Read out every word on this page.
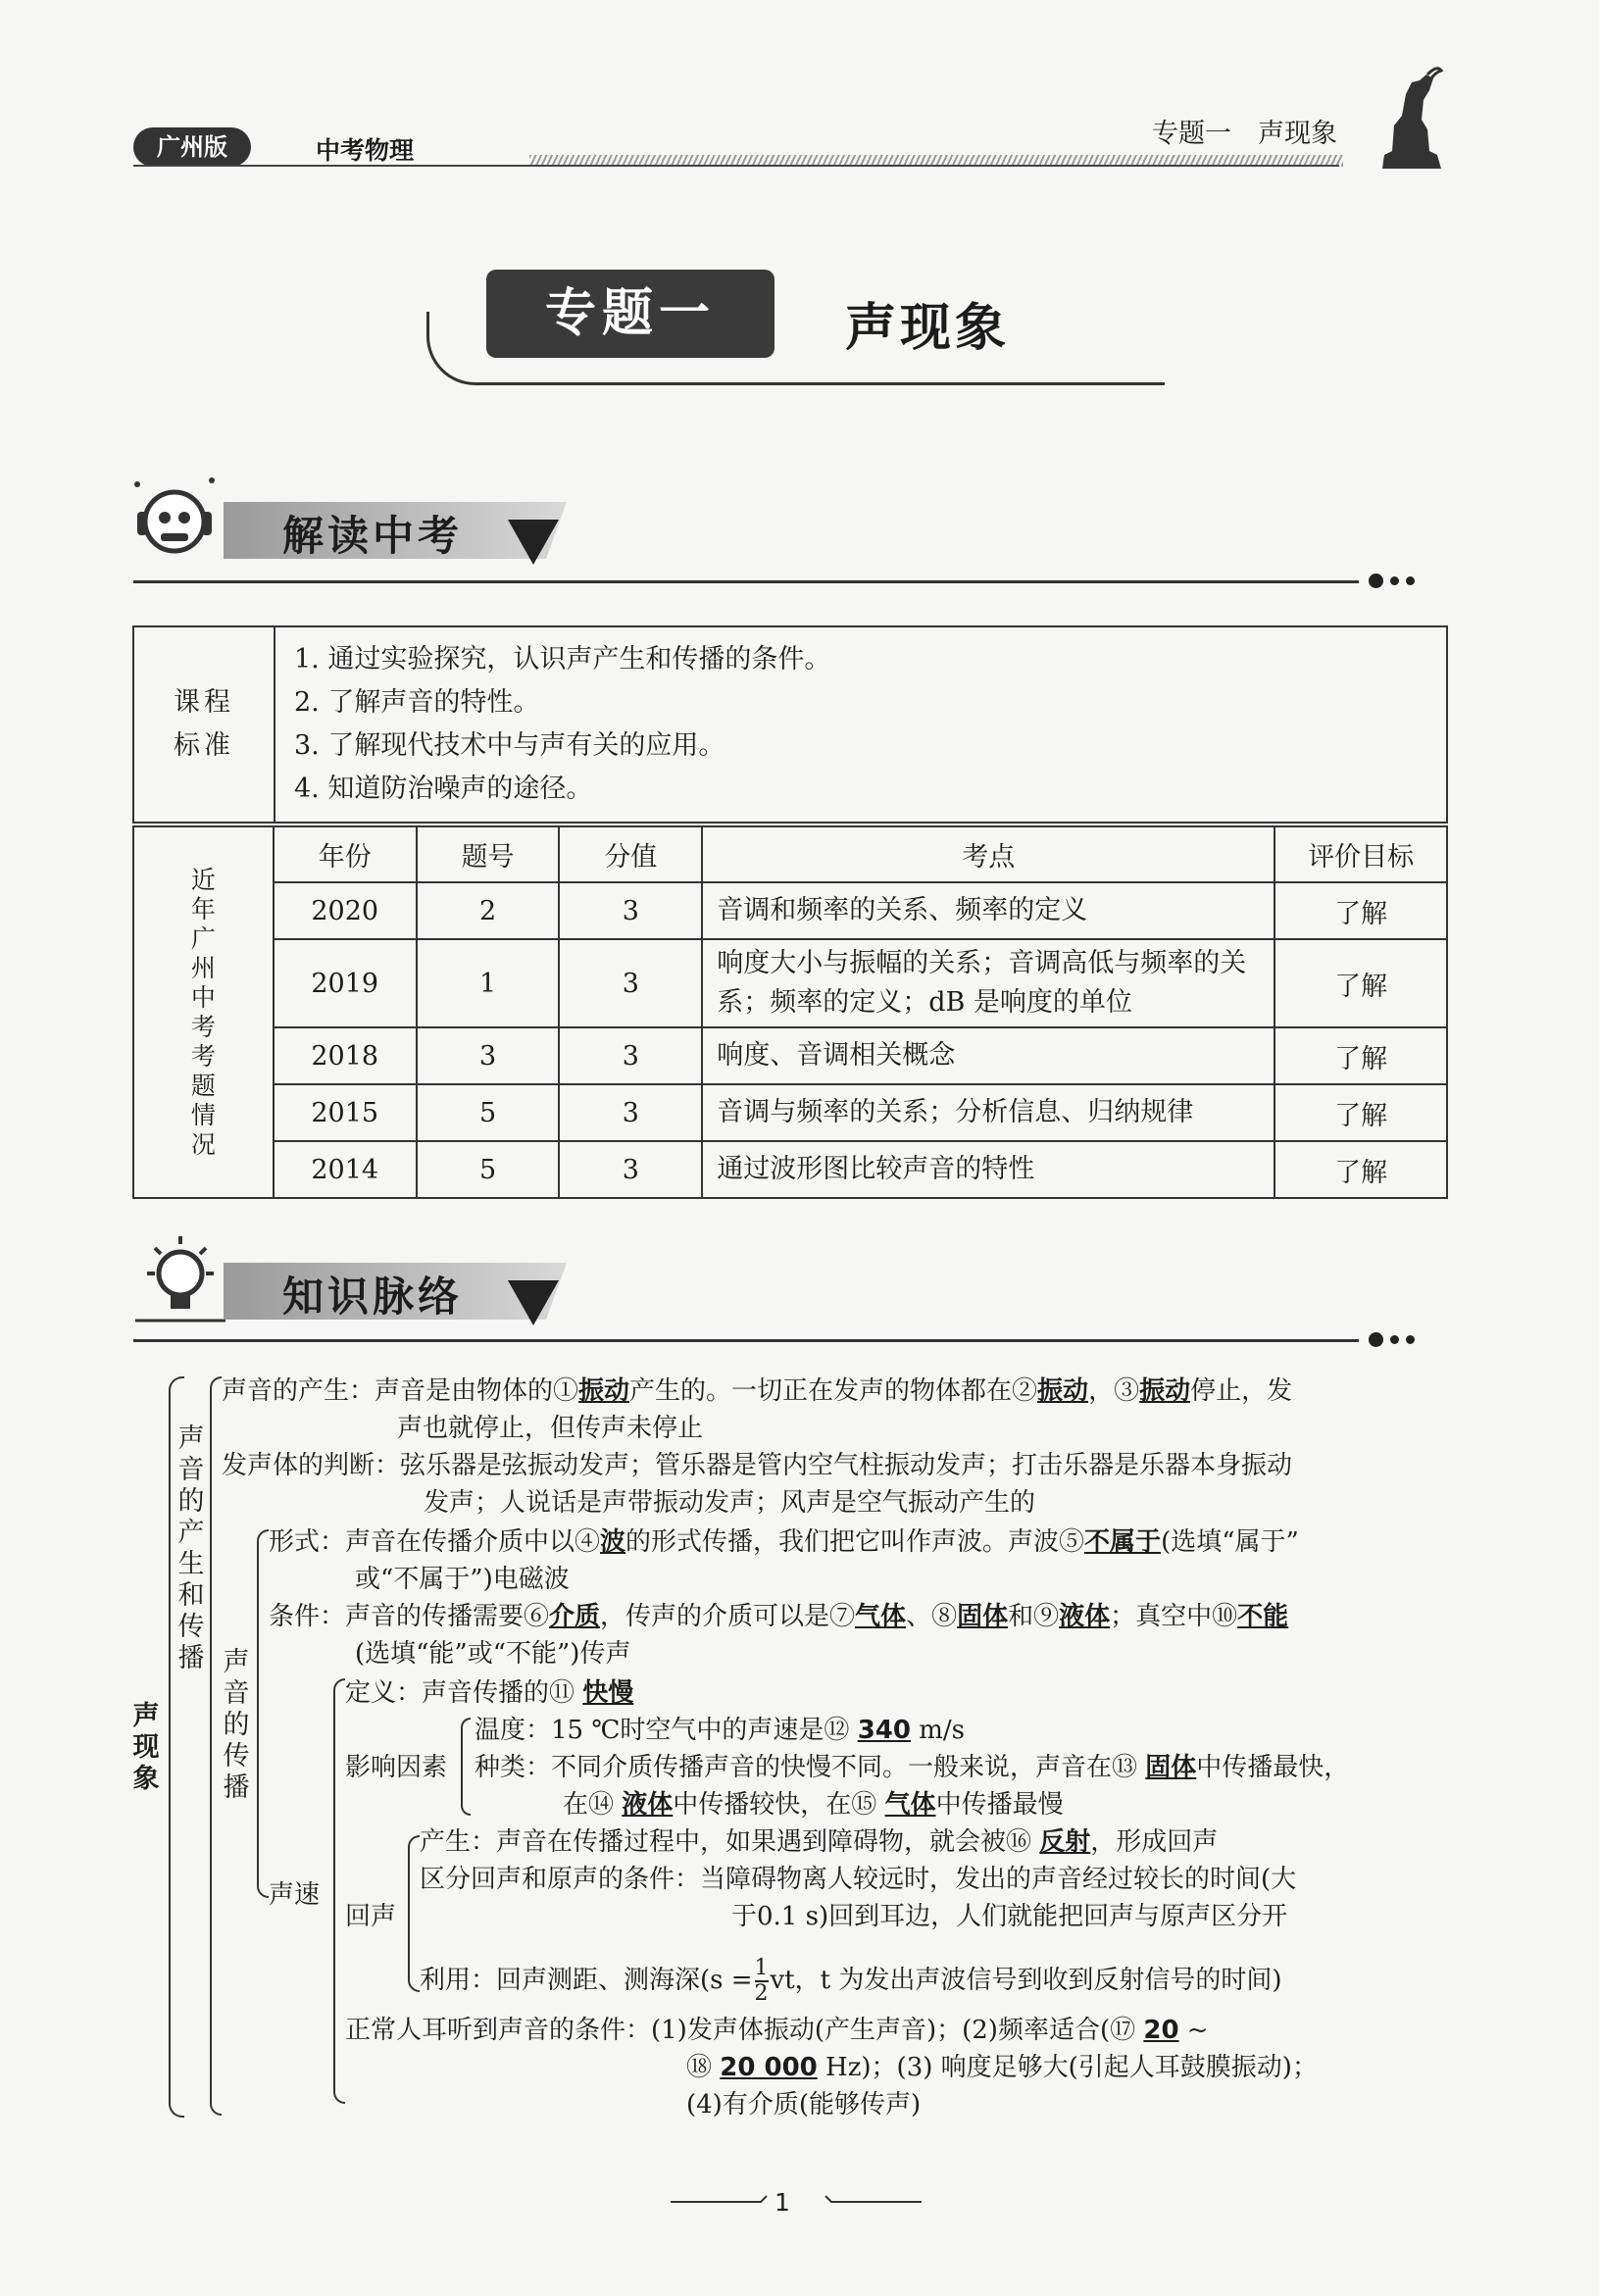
广州版	中考物理
专题一　声现象
专题一	声现象
解读中考
课程标准

1. 通过实验探究，认识声产生和传播的条件。
2. 了解声音的特性。
3. 了解现代技术中与声有关的应用。
4. 知道防治噪声的途径。
近年广州中考考题情况	年份	题号	分值	考点	评价目标
	2020	2	3	音调和频率的关系、频率的定义	了解
	2019	1	3	响度大小与振幅的关系；音调高低与频率的关系；频率的定义；dB 是响度的单位	了解
	2018	3	3	响度、音调相关概念	了解
	2015	5	3	音调与频率的关系；分析信息、归纳规律	了解
	2014	5	3	通过波形图比较声音的特性	了解
知识脉络
声现象
声音的产生和传播
声音的产生：声音是由物体的①振动产生的。一切正在发声的物体都在②振动，③振动停止，发
声也就停止，但传声未停止
发声体的判断：弦乐器是弦振动发声；管乐器是管内空气柱振动发声；打击乐器是乐器本身振动
发声；人说话是声带振动发声；风声是空气振动产生的
声音的传播
形式：声音在传播介质中以④波的形式传播，我们把它叫作声波。声波⑤不属于(选填“属于”
或“不属于”)电磁波
条件：声音的传播需要⑥介质，传声的介质可以是⑦气体、⑧固体和⑨液体；真空中⑩不能
(选填“能”或“不能”)传声
声速
定义：声音传播的⑪ 快慢
影响因素
温度：15 ℃时空气中的声速是⑫ 340 m/s
种类：不同介质传播声音的快慢不同。一般来说，声音在⑬ 固体中传播最快，
在⑭ 液体中传播较快，在⑮ 气体中传播最慢
回声
产生：声音在传播过程中，如果遇到障碍物，就会被⑯ 反射，形成回声
区分回声和原声的条件：当障碍物离人较远时，发出的声音经过较长的时间(大
于0.1 s)回到耳边，人们就能把回声与原声区分开
利用：回声测距、测海深($s = \frac{1}{2}$ vt，t 为发出声波信号到收到反射信号的时间)
正常人耳听到声音的条件：(1)发声体振动(产生声音)；(2)频率适合(⑰ 20 ~
⑱ 20 000 Hz)；(3) 响度足够大(引起人耳鼓膜振动)；
(4)有介质(能够传声)
1
